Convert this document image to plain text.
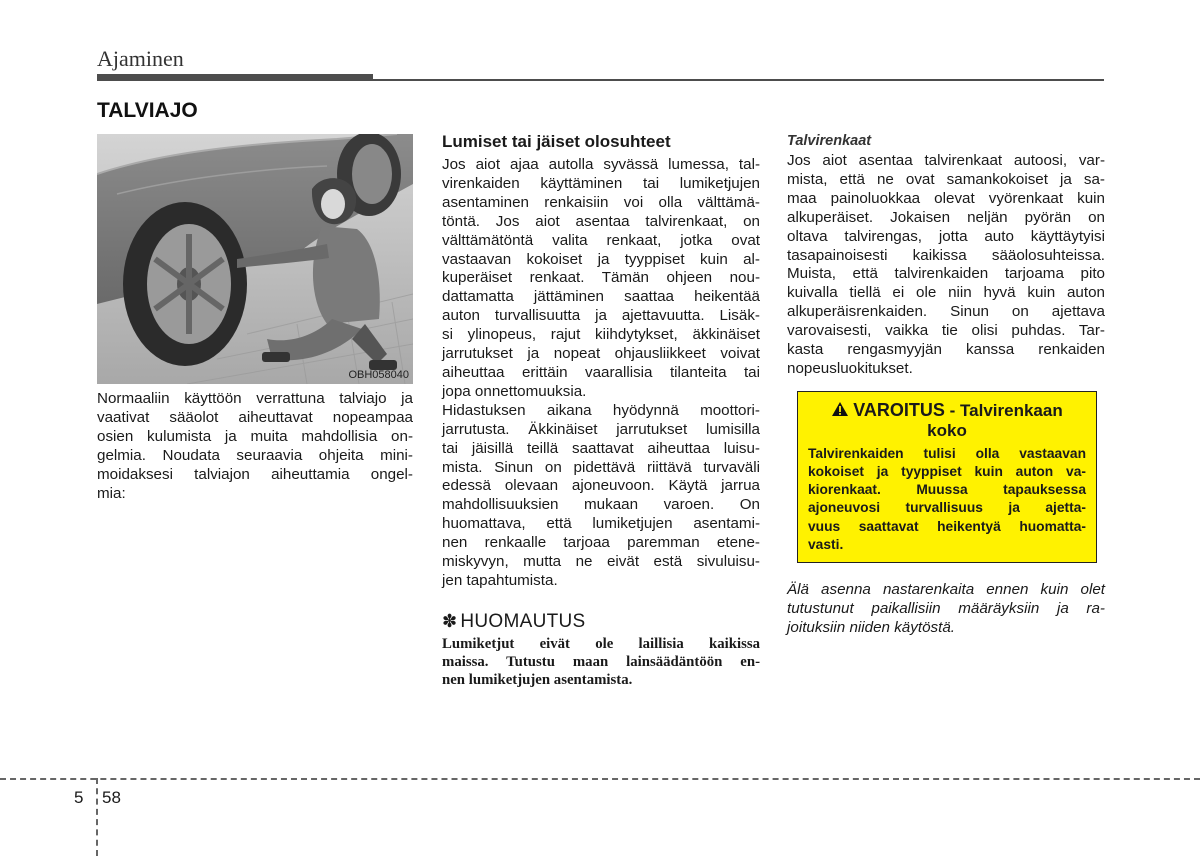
Ajaminen
TALVIAJO
OBH058040
Normaaliin käyttöön verrattuna talviajo ja
vaativat sääolot aiheuttavat nopeampaa
osien kulumista ja muita mahdollisia on-
gelmia. Noudata seuraavia ohjeita mini-
moidaksesi talviajon aiheuttamia ongel-
mia:
Lumiset tai jäiset olosuhteet
Jos aiot ajaa autolla syvässä lumessa, tal-
virenkaiden käyttäminen tai lumiketjujen
asentaminen renkaisiin voi olla välttämä-
töntä. Jos aiot asentaa talvirenkaat, on
välttämätöntä valita renkaat, jotka ovat
vastaavan kokoiset ja tyyppiset kuin al-
kuperäiset renkaat. Tämän ohjeen nou-
dattamatta jättäminen saattaa heikentää
auton turvallisuutta ja ajettavuutta. Lisäk-
si ylinopeus, rajut kiihdytykset, äkkinäiset
jarrutukset ja nopeat ohjausliikkeet voivat
aiheuttaa erittäin vaarallisia tilanteita tai
jopa onnettomuuksia.
Hidastuksen aikana hyödynnä moottori-
jarrutusta. Äkkinäiset jarrutukset lumisilla
tai jäisillä teillä saattavat aiheuttaa luisu-
mista. Sinun on pidettävä riittävä turvaväli
edessä olevaan ajoneuvoon. Käytä jarrua
mahdollisuuksien mukaan varoen. On
huomattava, että lumiketjujen asentami-
nen renkaalle tarjoaa paremman etene-
miskyvyn, mutta ne eivät estä sivuluisu-
jen tapahtumista.
✽ HUOMAUTUS
Lumiketjut eivät ole laillisia kaikissa
maissa. Tutustu maan lainsäädäntöön en-
nen lumiketjujen asentamista.
Talvirenkaat
Jos aiot asentaa talvirenkaat autoosi, var-
mista, että ne ovat samankokoiset ja sa-
maa painoluokkaa olevat vyörenkaat kuin
alkuperäiset. Jokaisen neljän pyörän on
oltava talvirengas, jotta auto käyttäytyisi
tasapainoisesti kaikissa sääolosuhteissa.
Muista, että talvirenkaiden tarjoama pito
kuivalla tiellä ei ole niin hyvä kuin auton
alkuperäisrenkaiden. Sinun on ajettava
varovaisesti, vaikka tie olisi puhdas. Tar-
kasta rengasmyyjän kanssa renkaiden
nopeusluokitukset.
VAROITUS - Talvirenkaan
koko
Talvirenkaiden tulisi olla vastaavan
kokoiset ja tyyppiset kuin auton va-
kiorenkaat. Muussa tapauksessa
ajoneuvosi turvallisuus ja ajetta-
vuus saattavat heikentyä huomatta-
vasti.
Älä asenna nastarenkaita ennen kuin olet
tutustunut paikallisiin määräyksiin ja ra-
joituksiin niiden käytöstä.
5 58
